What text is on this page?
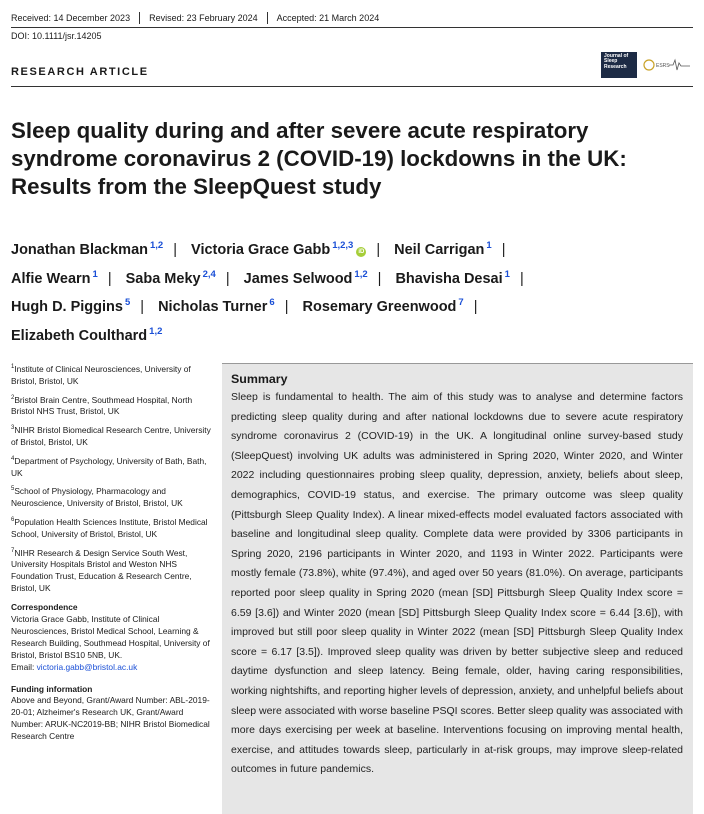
Received: 14 December 2023 Revised: 23 February 2024 Accepted: 21 March 2024
DOI: 10.1111/jsr.14205
Journal of Sleep Research	ESRS
RESEARCH ARTICLE
Sleep quality during and after severe acute respiratory syndrome coronavirus 2 (COVID-19) lockdowns in the UK: Results from the SleepQuest study
Jonathan Blackman $^{1,2}$ | Victoria Grace Gabb $^{1,2,3}$iD | Neil Carrigan $^1$ |
Alfie Wearn $^1$ | Saba Meky $^{2,4}$ | James Selwood $^{1,2}$ | Bhavisha Desai $^1$ |
Hugh D. Piggins $^5$ | Nicholas Turner $^6$ | Rosemary Greenwood $^7$ |
Elizabeth Coulthard $^{1,2}$
$^1$Institute of Clinical Neurosciences, University of Bristol, Bristol, UK
$^2$Bristol Brain Centre, Southmead Hospital, North Bristol NHS Trust, Bristol, UK
$^3$NIHR Bristol Biomedical Research Centre, University of Bristol, Bristol, UK
$^4$Department of Psychology, University of Bath, Bath, UK
$^5$School of Physiology, Pharmacology and Neuroscience, University of Bristol, Bristol, UK
$^6$Population Health Sciences Institute, Bristol Medical School, University of Bristol, Bristol, UK
$^7$NIHR Research & Design Service South West, University Hospitals Bristol and Weston NHS Foundation Trust, Education & Research Centre, Bristol, UK
Correspondence
Victoria Grace Gabb, Institute of Clinical Neurosciences, Bristol Medical School, Learning & Research Building, Southmead Hospital, University of Bristol, Bristol BS10 5NB, UK.
Email: victoria.gabb@bristol.ac.uk
Funding information
Above and Beyond, Grant/Award Number: ABL-2019-20-01; Alzheimer's Research UK, Grant/Award Number: ARUK-NC2019-BB; NIHR Bristol Biomedical Research Centre
Summary

Sleep is fundamental to health. The aim of this study was to analyse and determine factors predicting sleep quality during and after national lockdowns due to severe acute respiratory syndrome coronavirus 2 (COVID-19) in the UK. A longitudinal online survey-based study (SleepQuest) involving UK adults was administered in Spring 2020, Winter 2020, and Winter 2022 including questionnaires probing sleep quality, depression, anxiety, beliefs about sleep, demographics, COVID-19 status, and exercise. The primary outcome was sleep quality (Pittsburgh Sleep Quality Index). A linear mixed-effects model evaluated factors associated with baseline and longitudinal sleep quality. Complete data were provided by 3306 participants in Spring 2020, 2196 participants in Winter 2020, and 1193 in Winter 2022. Participants were mostly female (73.8%), white (97.4%), and aged over 50 years (81.0%). On average, participants reported poor sleep quality in Spring 2020 (mean [SD] Pittsburgh Sleep Quality Index score = 6.59 [3.6]) and Winter 2020 (mean [SD] Pittsburgh Sleep Quality Index score = 6.44 [3.6]), with improved but still poor sleep quality in Winter 2022 (mean [SD] Pittsburgh Sleep Quality Index score = 6.17 [3.5]). Improved sleep quality was driven by better subjective sleep and reduced daytime dysfunction and sleep latency. Being female, older, having caring responsibilities, working nightshifts, and reporting higher levels of depression, anxiety, and unhelpful beliefs about sleep were associated with worse baseline PSQI scores. Better sleep quality was associated with more days exercising per week at baseline. Interventions focusing on improving mental health, exercise, and attitudes towards sleep, particularly in at-risk groups, may improve sleep-related outcomes in future pandemics.
